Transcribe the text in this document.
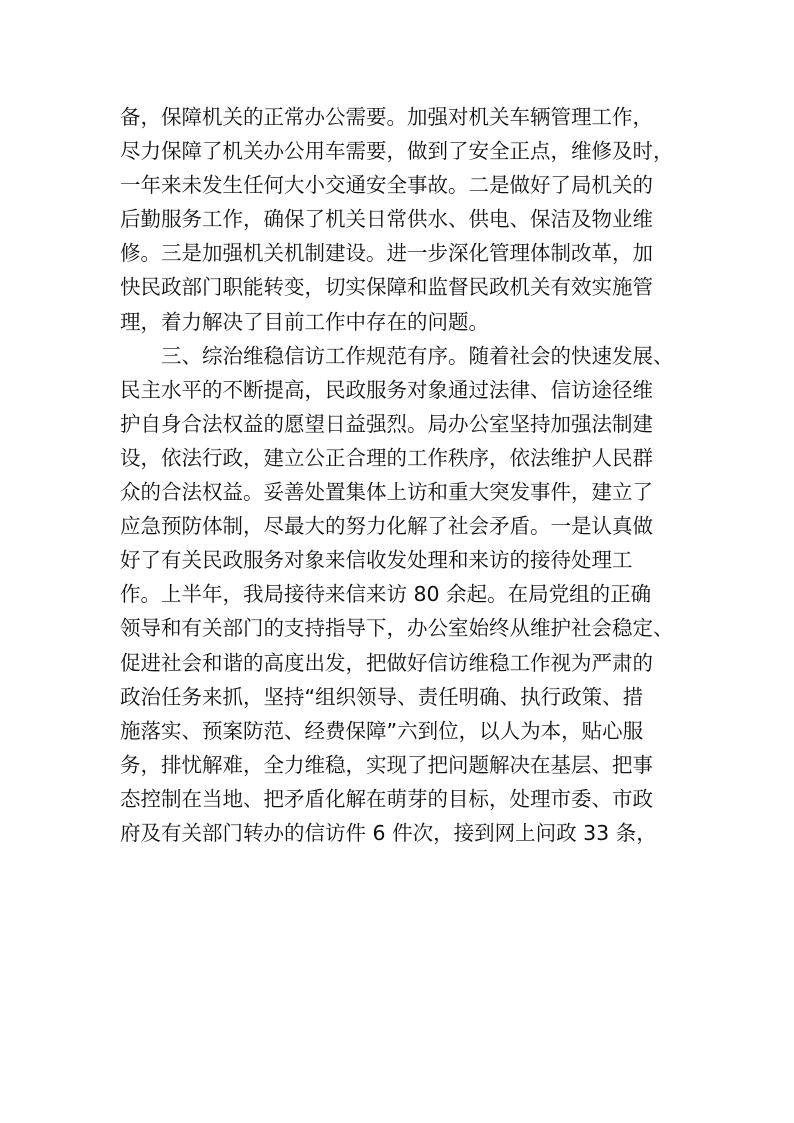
备，保障机关的正常办公需要。加强对机关车辆管理工作，
尽力保障了机关办公用车需要，做到了安全正点，维修及时，
一年来未发生任何大小交通安全事故。二是做好了局机关的
后勤服务工作，确保了机关日常供水、供电、保洁及物业维
修。三是加强机关机制建设。进一步深化管理体制改革，加
快民政部门职能转变，切实保障和监督民政机关有效实施管
理，着力解决了目前工作中存在的问题。
　　三、综治维稳信访工作规范有序。随着社会的快速发展、
民主水平的不断提高，民政服务对象通过法律、信访途径维
护自身合法权益的愿望日益强烈。局办公室坚持加强法制建
设，依法行政，建立公正合理的工作秩序，依法维护人民群
众的合法权益。妥善处置集体上访和重大突发事件，建立了
应急预防体制，尽最大的努力化解了社会矛盾。一是认真做
好了有关民政服务对象来信收发处理和来访的接待处理工
作。上半年，我局接待来信来访 80 余起。在局党组的正确
领导和有关部门的支持指导下，办公室始终从维护社会稳定、
促进社会和谐的高度出发，把做好信访维稳工作视为严肃的
政治任务来抓，坚持“组织领导、责任明确、执行政策、措
施落实、预案防范、经费保障”六到位，以人为本，贴心服
务，排忧解难，全力维稳，实现了把问题解决在基层、把事
态控制在当地、把矛盾化解在萌芽的目标，处理市委、市政
府及有关部门转办的信访件 6 件次，接到网上问政 33 条，
